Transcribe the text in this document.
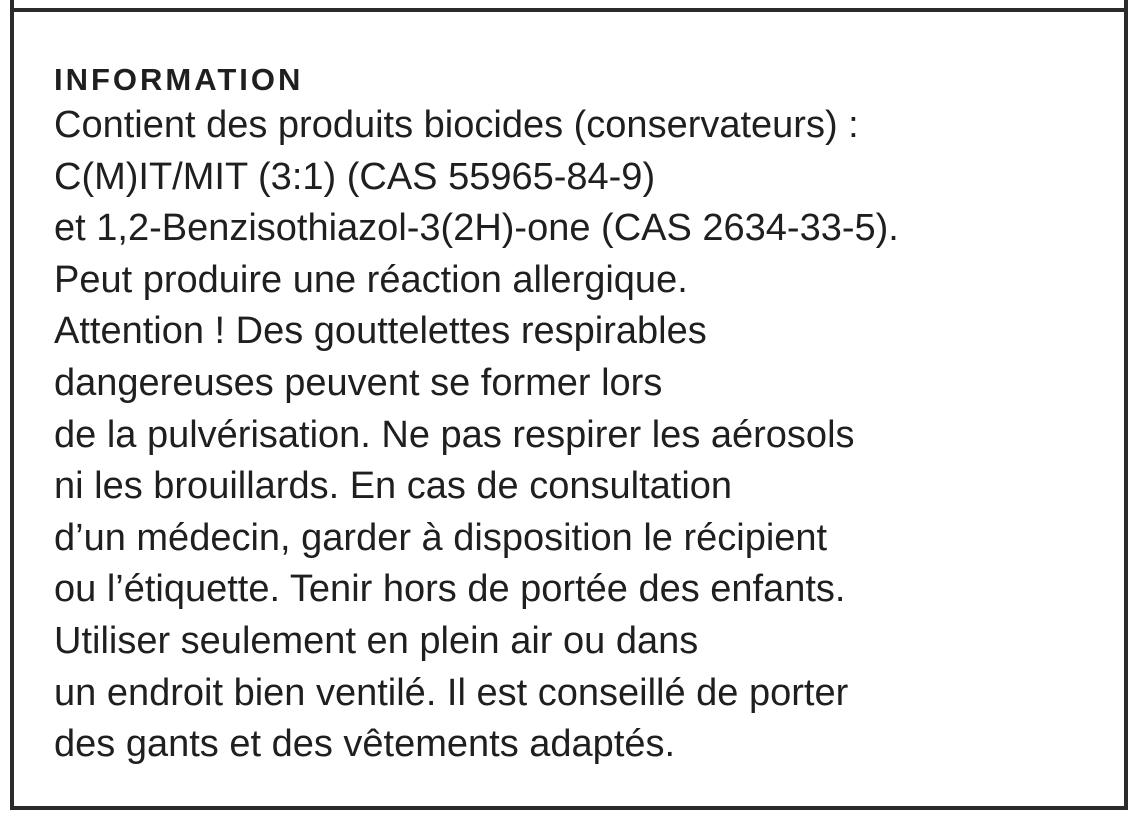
INFORMATION
Contient des produits biocides (conservateurs) :
C(M)IT/MIT (3:1) (CAS 55965-84-9)
et 1,2-Benzisothiazol-3(2H)-one (CAS 2634-33-5).
Peut produire une réaction allergique.
Attention ! Des gouttelettes respirables
dangereuses peuvent se former lors
de la pulvérisation. Ne pas respirer les aérosols
ni les brouillards. En cas de consultation
d’un médecin, garder à disposition le récipient
ou l’étiquette. Tenir hors de portée des enfants.
Utiliser seulement en plein air ou dans
un endroit bien ventilé. Il est conseillé de porter
des gants et des vêtements adaptés.
